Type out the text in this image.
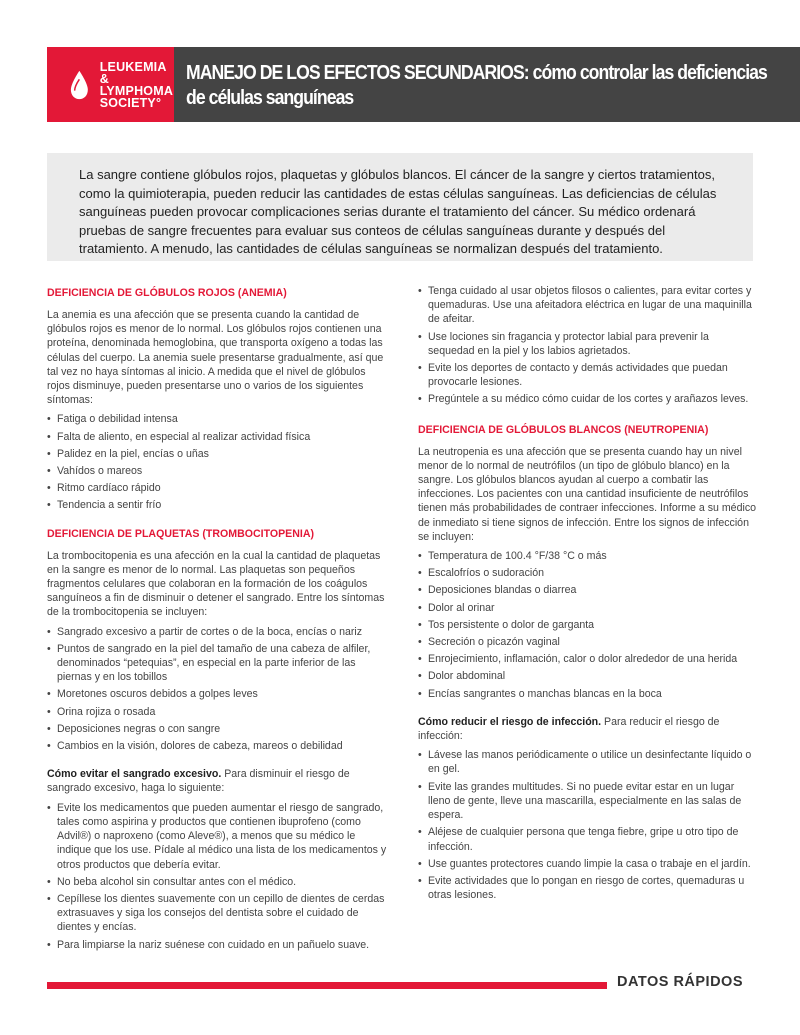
LEUKEMIA &
LYMPHOMA
SOCIETY°
MANEJO DE LOS EFECTOS SECUNDARIOS: cómo controlar las deficiencias
de células sanguíneas
La sangre contiene glóbulos rojos, plaquetas y glóbulos blancos. El cáncer de la sangre y ciertos tratamientos, como la quimioterapia, pueden reducir las cantidades de estas células sanguíneas. Las deficiencias de células sanguíneas pueden provocar complicaciones serias durante el tratamiento del cáncer. Su médico ordenará pruebas de sangre frecuentes para evaluar sus conteos de células sanguíneas durante y después del tratamiento. A menudo, las cantidades de células sanguíneas se normalizan después del tratamiento.
DEFICIENCIA DE GLÓBULOS ROJOS (ANEMIA)

La anemia es una afección que se presenta cuando la cantidad de glóbulos rojos es menor de lo normal. Los glóbulos rojos contienen una proteína, denominada hemoglobina, que transporta oxígeno a todas las células del cuerpo. La anemia suele presentarse gradualmente, así que tal vez no haya síntomas al inicio. A medida que el nivel de glóbulos rojos disminuye, pueden presentarse uno o varios de los siguientes síntomas:

• Fatiga o debilidad intensa
• Falta de aliento, en especial al realizar actividad física
• Palidez en la piel, encías o uñas
• Vahídos o mareos
• Ritmo cardíaco rápido
• Tendencia a sentir frío
DEFICIENCIA DE PLAQUETAS (TROMBOCITOPENIA)

La trombocitopenia es una afección en la cual la cantidad de plaquetas en la sangre es menor de lo normal. Las plaquetas son pequeños fragmentos celulares que colaboran en la formación de los coágulos sanguíneos a fin de disminuir o detener el sangrado. Entre los síntomas de la trombocitopenia se incluyen:

• Sangrado excesivo a partir de cortes o de la boca, encías o nariz
• Puntos de sangrado en la piel del tamaño de una cabeza de alfiler, denominados “petequias”, en especial en la parte inferior de las piernas y en los tobillos
• Moretones oscuros debidos a golpes leves
• Orina rojiza o rosada
• Deposiciones negras o con sangre
• Cambios en la visión, dolores de cabeza, mareos o debilidad

Cómo evitar el sangrado excesivo. Para disminuir el riesgo de sangrado excesivo, haga lo siguiente:

• Evite los medicamentos que pueden aumentar el riesgo de sangrado, tales como aspirina y productos que contienen ibuprofeno (como Advil®) o naproxeno (como Aleve®), a menos que su médico le indique que los use. Pídale al médico una lista de los medicamentos y otros productos que debería evitar.
• No beba alcohol sin consultar antes con el médico.
• Cepíllese los dientes suavemente con un cepillo de dientes de cerdas extrasuaves y siga los consejos del dentista sobre el cuidado de dientes y encías.
• Para limpiarse la nariz suénese con cuidado en un pañuelo suave.
• Tenga cuidado al usar objetos filosos o calientes, para evitar cortes y quemaduras. Use una afeitadora eléctrica en lugar de una maquinilla de afeitar.
• Use lociones sin fragancia y protector labial para prevenir la sequedad en la piel y los labios agrietados.
• Evite los deportes de contacto y demás actividades que puedan provocarle lesiones.
• Pregúntele a su médico cómo cuidar de los cortes y arañazos leves.
DEFICIENCIA DE GLÓBULOS BLANCOS (NEUTROPENIA)

La neutropenia es una afección que se presenta cuando hay un nivel menor de lo normal de neutrófilos (un tipo de glóbulo blanco) en la sangre. Los glóbulos blancos ayudan al cuerpo a combatir las infecciones. Los pacientes con una cantidad insuficiente de neutrófilos tienen más probabilidades de contraer infecciones. Informe a su médico de inmediato si tiene signos de infección. Entre los signos de infección se incluyen:

• Temperatura de 100.4 °F/38 °C o más
• Escalofríos o sudoración
• Deposiciones blandas o diarrea
• Dolor al orinar
• Tos persistente o dolor de garganta
• Secreción o picazón vaginal
• Enrojecimiento, inflamación, calor o dolor alrededor de una herida
• Dolor abdominal
• Encías sangrantes o manchas blancas en la boca

Cómo reducir el riesgo de infección. Para reducir el riesgo de infección:

• Lávese las manos periódicamente o utilice un desinfectante líquido o en gel.
• Evite las grandes multitudes. Si no puede evitar estar en un lugar lleno de gente, lleve una mascarilla, especialmente en las salas de espera.
• Aléjese de cualquier persona que tenga fiebre, gripe u otro tipo de infección.
• Use guantes protectores cuando limpie la casa o trabaje en el jardín.
• Evite actividades que lo pongan en riesgo de cortes, quemaduras u otras lesiones.
DATOS RÁPIDOS
